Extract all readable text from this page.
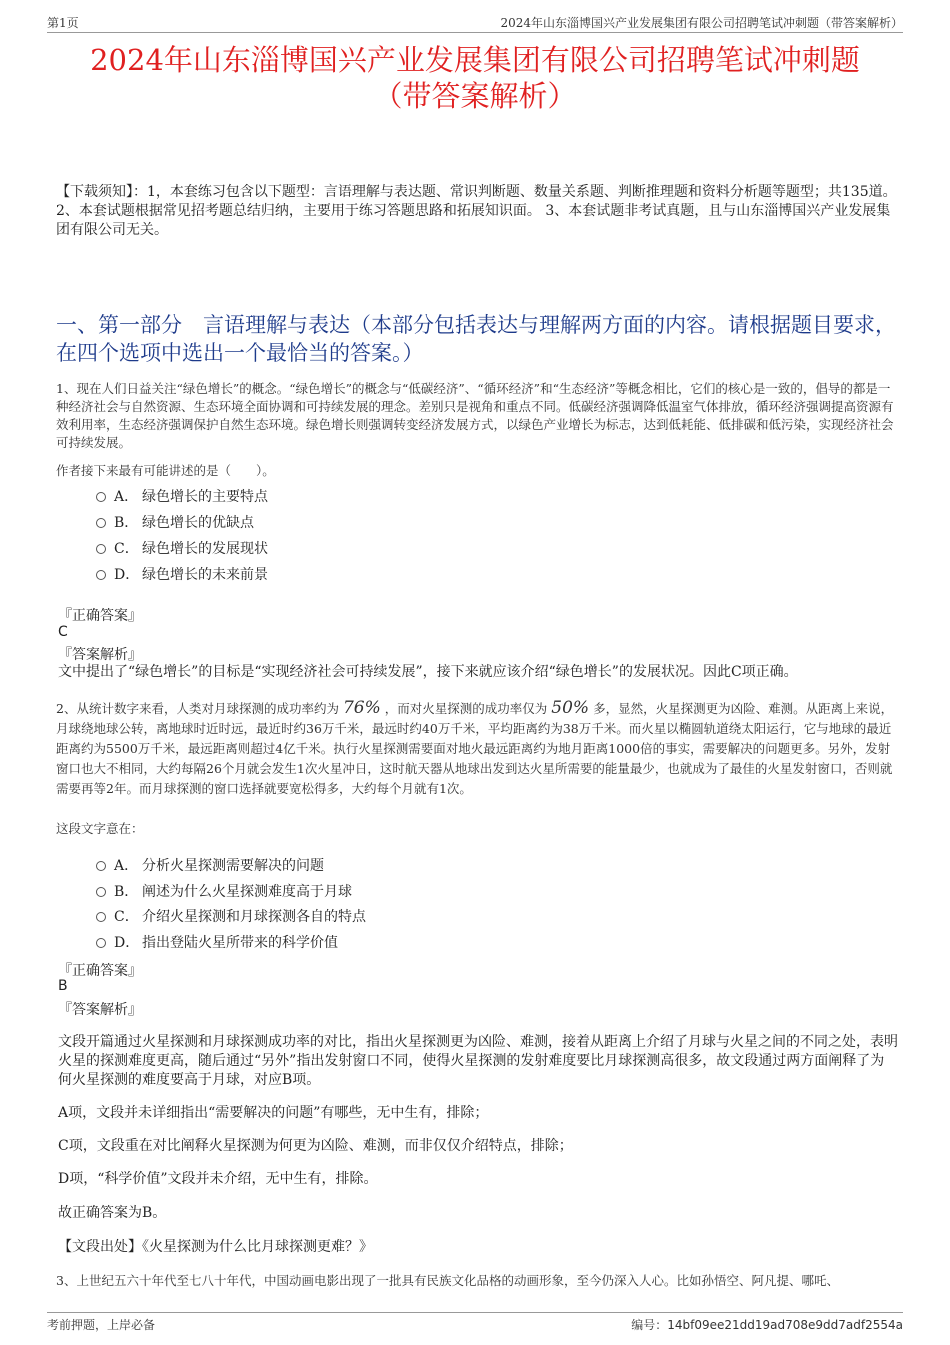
第1页	2024年山东淄博国兴产业发展集团有限公司招聘笔试冲刺题（带答案解析）
2024年山东淄博国兴产业发展集团有限公司招聘笔试冲刺题
（带答案解析）
【下载须知】：1，本套练习包含以下题型：言语理解与表达题、常识判断题、数量关系题、判断推理题和资料分析题等题型；共135道。 2、本套试题根据常见招考题总结归纳，主要用于练习答题思路和拓展知识面。 3、本套试题非考试真题，且与山东淄博国兴产业发展集团有限公司无关。
一、第一部分　言语理解与表达（本部分包括表达与理解两方面的内容。请根据题目要求，在四个选项中选出一个最恰当的答案。）
1、现在人们日益关注“绿色增长”的概念。“绿色增长”的概念与“低碳经济”、“循环经济”和“生态经济”等概念相比，它们的核心是一致的，倡导的都是一种经济社会与自然资源、生态环境全面协调和可持续发展的理念。差别只是视角和重点不同。低碳经济强调降低温室气体排放，循环经济强调提高资源有效利用率，生态经济强调保护自然生态环境。绿色增长则强调转变经济发展方式，以绿色产业增长为标志，达到低耗能、低排碳和低污染，实现经济社会可持续发展。
作者接下来最有可能讲述的是（　　）。
A． 绿色增长的主要特点
B． 绿色增长的优缺点
C． 绿色增长的发展现状
D． 绿色增长的未来前景
『正确答案』
C
『答案解析』
文中提出了“绿色增长”的目标是“实现经济社会可持续发展”，接下来就应该介绍“绿色增长”的发展状况。因此C项正确。
2、从统计数字来看，人类对月球探测的成功率约为 76% ，而对火星探测的成功率仅为 50% 多，显然，火星探测更为凶险、难测。从距离上来说，月球绕地球公转，离地球时近时远，最近时约36万千米，最远时约40万千米，平均距离约为38万千米。而火星以椭圆轨道绕太阳运行，它与地球的最近距离约为5500万千米，最远距离则超过4亿千米。执行火星探测需要面对地火最远距离约为地月距离1000倍的事实，需要解决的问题更多。另外，发射窗口也大不相同，大约每隔26个月就会发生1次火星冲日，这时航天器从地球出发到达火星所需要的能量最少，也就成为了最佳的火星发射窗口，否则就需要再等2年。而月球探测的窗口选择就要宽松得多，大约每个月就有1次。
这段文字意在：
A． 分析火星探测需要解决的问题
B． 阐述为什么火星探测难度高于月球
C． 介绍火星探测和月球探测各自的特点
D． 指出登陆火星所带来的科学价值
『正确答案』
B
『答案解析』
文段开篇通过火星探测和月球探测成功率的对比，指出火星探测更为凶险、难测，接着从距离上介绍了月球与火星之间的不同之处，表明火星的探测难度更高，随后通过“另外”指出发射窗口不同，使得火星探测的发射难度要比月球探测高很多，故文段通过两方面阐释了为何火星探测的难度要高于月球，对应B项。
A项，文段并未详细指出“需要解决的问题”有哪些，无中生有，排除；
C项，文段重在对比阐释火星探测为何更为凶险、难测，而非仅仅介绍特点，排除；
D项，“科学价值”文段并未介绍，无中生有，排除。
故正确答案为B。
【文段出处】《火星探测为什么比月球探测更难？》
3、上世纪五六十年代至七八十年代，中国动画电影出现了一批具有民族文化品格的动画形象，至今仍深入人心。比如孙悟空、阿凡提、哪吒、
考前押题，上岸必备	编号：14bf09ee21dd19ad708e9dd7adf2554a
